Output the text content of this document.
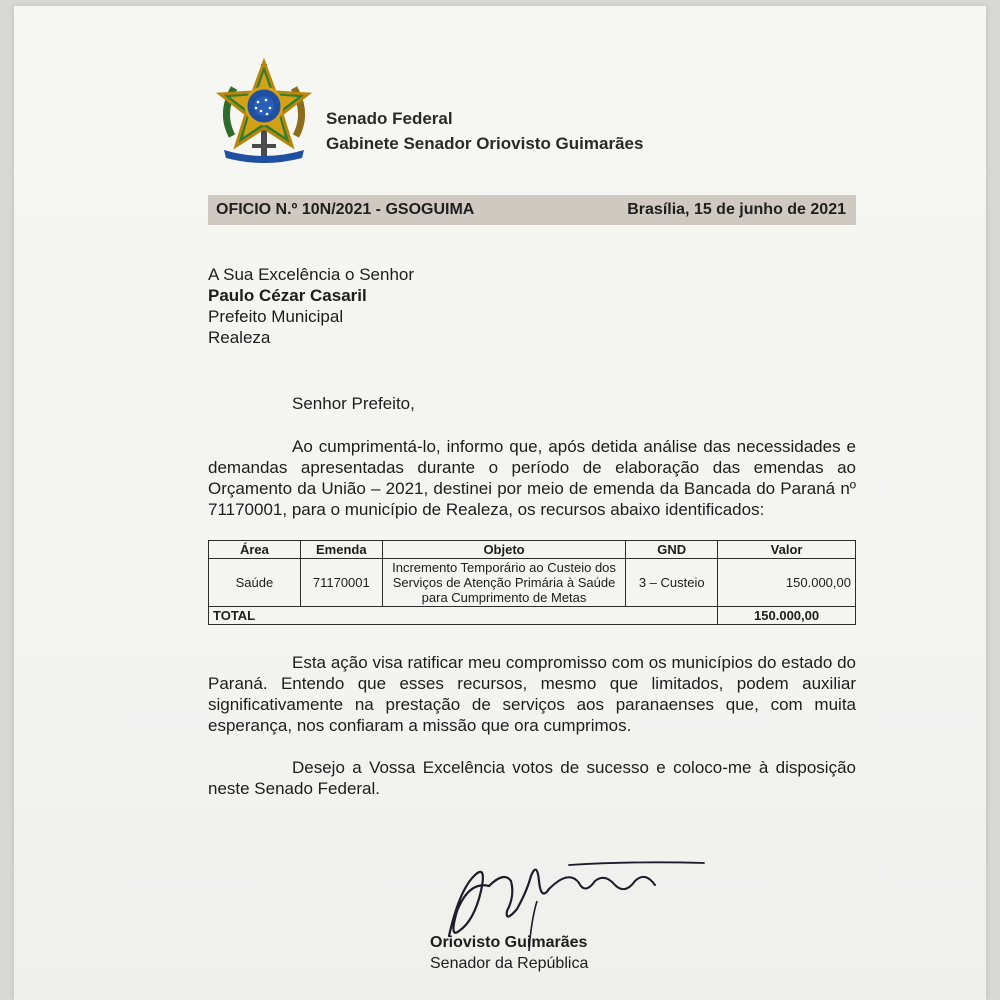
Senado Federal
Gabinete Senador Oriovisto Guimarães
OFICIO N.º 10N/2021 - GSOGUIMA	Brasília, 15 de junho de 2021
A Sua Excelência o Senhor
Paulo Cézar Casaril
Prefeito Municipal
Realeza
Senhor Prefeito,

Ao cumprimentá-lo, informo que, após detida análise das necessidades e demandas apresentadas durante o período de elaboração das emendas ao Orçamento da União – 2021, destinei por meio de emenda da Bancada do Paraná nº 71170001, para o município de Realeza, os recursos abaixo identificados:

Área	Emenda	Objeto	GND	Valor
Saúde	71170001	Incremento Temporário ao Custeio dos Serviços de Atenção Primária à Saúde para Cumprimento de Metas	3 – Custeio	150.000,00
TOTAL				150.000,00

Esta ação visa ratificar meu compromisso com os municípios do estado do Paraná. Entendo que esses recursos, mesmo que limitados, podem auxiliar significativamente na prestação de serviços aos paranaenses que, com muita esperança, nos confiaram a missão que ora cumprimos.

Desejo a Vossa Excelência votos de sucesso e coloco-me à disposição neste Senado Federal.

Oriovisto Guimarães
Senador da República
